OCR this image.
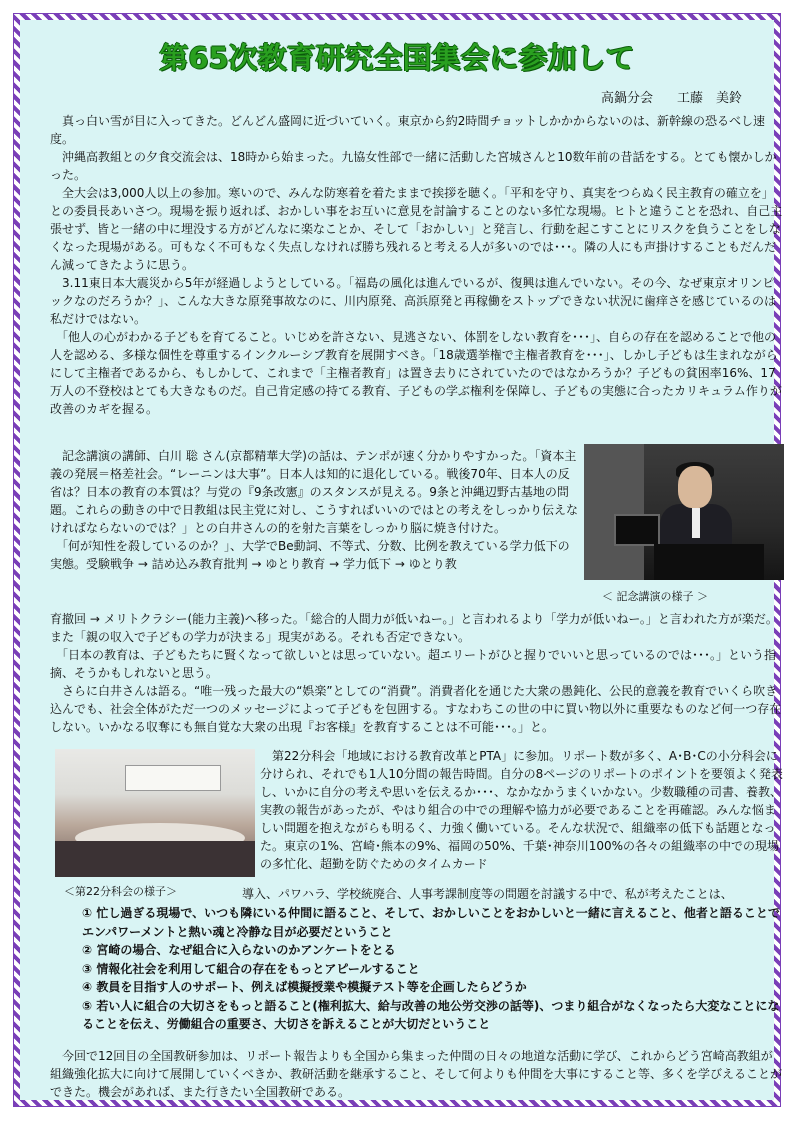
第65次教育研究全国集会に参加して
高鍋分会 工藤　美鈴

　真っ白い雪が目に入ってきた。どんどん盛岡に近づいていく。東京から約2時間チョットしかかからないのは、新幹線の恐るべし速度。

　沖縄高教組との夕食交流会は、18時から始まった。九協女性部で一緒に活動した宮城さんと10数年前の昔話をする。とても懐かしかった。

　全大会は3,000人以上の参加。寒いので、みんな防寒着を着たままで挨拶を聴く。「平和を守り、真実をつらぬく民主教育の確立を」との委員長あいさつ。現場を振り返れば、おかしい事をお互いに意見を討論することのない多忙な現場。ヒトと違うことを恐れ、自己主張せず、皆と一緒の中に埋没する方がどんなに楽なことか、そして「おかしい」と発言し、行動を起こすことにリスクを負うことをしなくなった現場がある。可もなく不可もなく失点しなければ勝ち残れると考える人が多いのでは･･･。隣の人にも声掛けすることもだんだん減ってきたように思う。

　3.11東日本大震災から5年が経過しようとしている。「福島の風化は進んでいるが、復興は進んでいない。その今、なぜ東京オリンピックなのだろうか？」、こんな大きな原発事故なのに、川内原発、高浜原発と再稼働をストップできない状況に歯痒さを感じているのは私だけではない。

　「他人の心がわかる子どもを育てること。いじめを許さない、見逃さない、体罰をしない教育を･･･」、自らの存在を認めることで他の人を認める、多様な個性を尊重するインクルーシブ教育を展開すべき。「18歳選挙権で主権者教育を･･･」、しかし子どもは生まれながらにして主権者であるから、もしかして、これまで「主権者教育」は置き去りにされていたのではなかろうか？子どもの貧困率16%、17万人の不登校はとても大きなものだ。自己肯定感の持てる教育、子どもの学ぶ権利を保障し、子どもの実態に合ったカリキュラム作りが改善のカギを握る。

　記念講演の講師、白川 聡 さん(京都精華大学)の話は、テンポが速く分かりやすかった。「資本主義の発展＝格差社会。“レーニンは大事”。日本人は知的に退化している。戦後70年、日本人の反省は？日本の教育の本質は？与党の『9条改憲』のスタンスが見える。9条と沖縄辺野古基地の問題。これらの動きの中で日教組は民主党に対し、こうすればいいのではとの考えをしっかり伝えなければならないのでは？」との白井さんの的を射た言葉をしっかり脳に焼き付けた。

　「何が知性を殺しているのか？」、大学でBe動詞、不等式、分数、比例を教えている学力低下の実態。受験戦争 → 詰め込み教育批判 → ゆとり教育 → 学力低下 → ゆとり教

＜ 記念講演の様子 ＞

育撤回 → メリトクラシー(能力主義)へ移った。「総合的人間力が低いねー。」と言われるより「学力が低いねー。」と言われた方が楽だ。また「親の収入で子どもの学力が決まる」現実がある。それも否定できない。

　「日本の教育は、子どもたちに賢くなって欲しいとは思っていない。超エリートがひと握りでいいと思っているのでは･･･。」という指摘、そうかもしれないと思う。

　さらに白井さんは語る。“唯一残った最大の“娯楽”としての“消費”。消費者化を通じた大衆の愚鈍化、公民的意義を教育でいくら吹き込んでも、社会全体がただ一つのメッセージによって子どもを包囲する。すなわちこの世の中に買い物以外に重要なものなど何一つ存在しない。いかなる収奪にも無自覚な大衆の出現『お客様』を教育することは不可能･･･。」と。

　第22分科会「地域における教育改革とPTA」に参加。リポート数が多く、A･B･Cの小分科会に分けられ、それでも1人10分間の報告時間。自分の8ページのリポートのポイントを要領よく発表し、いかに自分の考えや思いを伝えるか･･･、なかなかうまくいかない。少数職種の司書、養教、実教の報告があったが、やはり組合の中での理解や協力が必要であることを再確認。みんな悩ましい問題を抱えながらも明るく、力強く働いている。そんな状況で、組織率の低下も話題となった。東京の1%、宮崎･熊本の9%、福岡の50%、千葉･神奈川100%の各々の組織率の中での現場の多忙化、超勤を防ぐためのタイムカード

＜第22分科会の様子＞	　導入、パワハラ、学校統廃合、人事考課制度等の問題を討議する中で、私が考えたことは、

① 忙し過ぎる現場で、いつも隣にいる仲間に語ること、そして、おかしいことをおかしいと一緒に言えること、他者と語ることでエンパワーメントと熱い魂と冷静な目が必要だということ
② 宮崎の場合、なぜ組合に入らないのかアンケートをとる
③ 情報化社会を利用して組合の存在をもっとアピールすること
④ 教員を目指す人のサポート、例えば模擬授業や模擬テスト等を企画したらどうか
⑤ 若い人に組合の大切さをもっと語ること(権利拡大、給与改善の地公労交渉の話等)、つまり組合がなくなったら大変なことになることを伝え、労働組合の重要さ、大切さを訴えることが大切だということ

　今回で12回目の全国教研参加は、リポート報告よりも全国から集まった仲間の日々の地道な活動に学び、これからどう宮崎高教組が組織強化拡大に向けて展開していくべきか、教研活動を継承すること、そして何よりも仲間を大事にすること等、多くを学びえることができた。機会があれば、また行きたい全国教研である。
